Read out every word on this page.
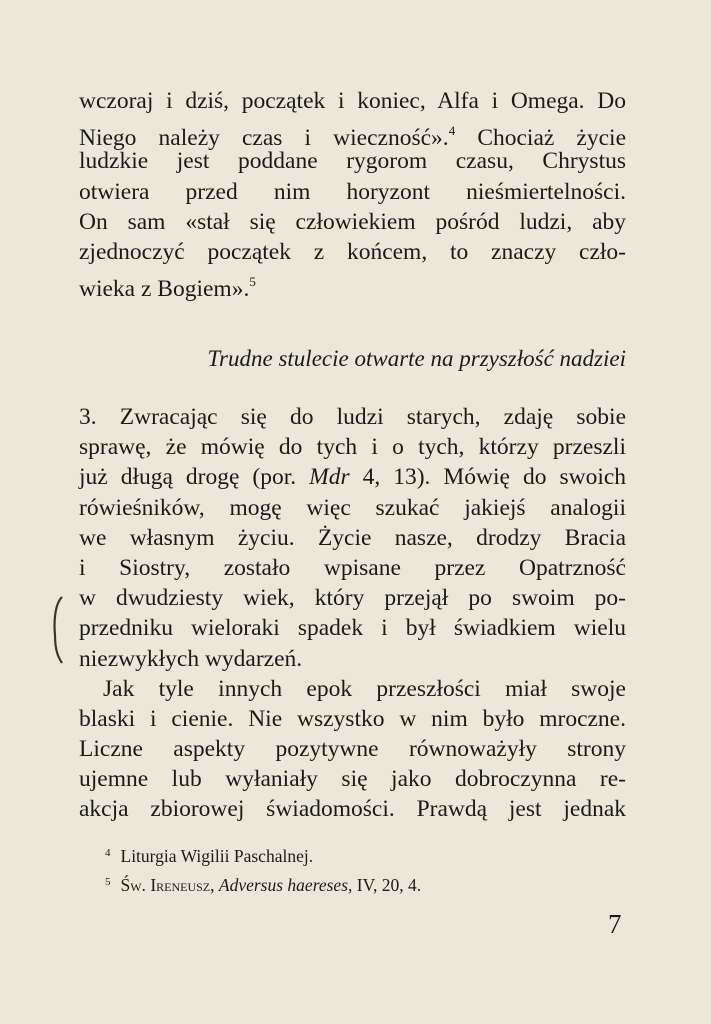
wczoraj i dziś, początek i koniec, Alfa i Omega. Do
Niego należy czas i wieczność».$^4$ Chociaż życie
ludzkie jest poddane rygorom czasu, Chrystus
otwiera przed nim horyzont nieśmiertelności.
On sam «stał się człowiekiem pośród ludzi, aby
zjednoczyć początek z końcem, to znaczy czło-
wieka z Bogiem».$^5$
Trudne stulecie otwarte na przyszłość nadziei
3. Zwracając się do ludzi starych, zdaję sobie
sprawę, że mówię do tych i o tych, którzy przeszli
już długą drogę (por. Mdr 4, 13). Mówię do swoich
rówieśników, mogę więc szukać jakiejś analogii
we własnym życiu. Życie nasze, drodzy Bracia
i Siostry, zostało wpisane przez Opatrzność
w dwudziesty wiek, który przejął po swoim po-
przedniku wieloraki spadek i był świadkiem wielu
niezwykłych wydarzeń.
Jak tyle innych epok przeszłości miał swoje
blaski i cienie. Nie wszystko w nim było mroczne.
Liczne aspekty pozytywne równoważyły strony
ujemne lub wyłaniały się jako dobroczynna re-
akcja zbiorowej świadomości. Prawdą jest jednak
$^4$ Liturgia Wigilii Paschalnej.
$^5$ Św. Ireneusz, Adversus haereses, IV, 20, 4.
7
